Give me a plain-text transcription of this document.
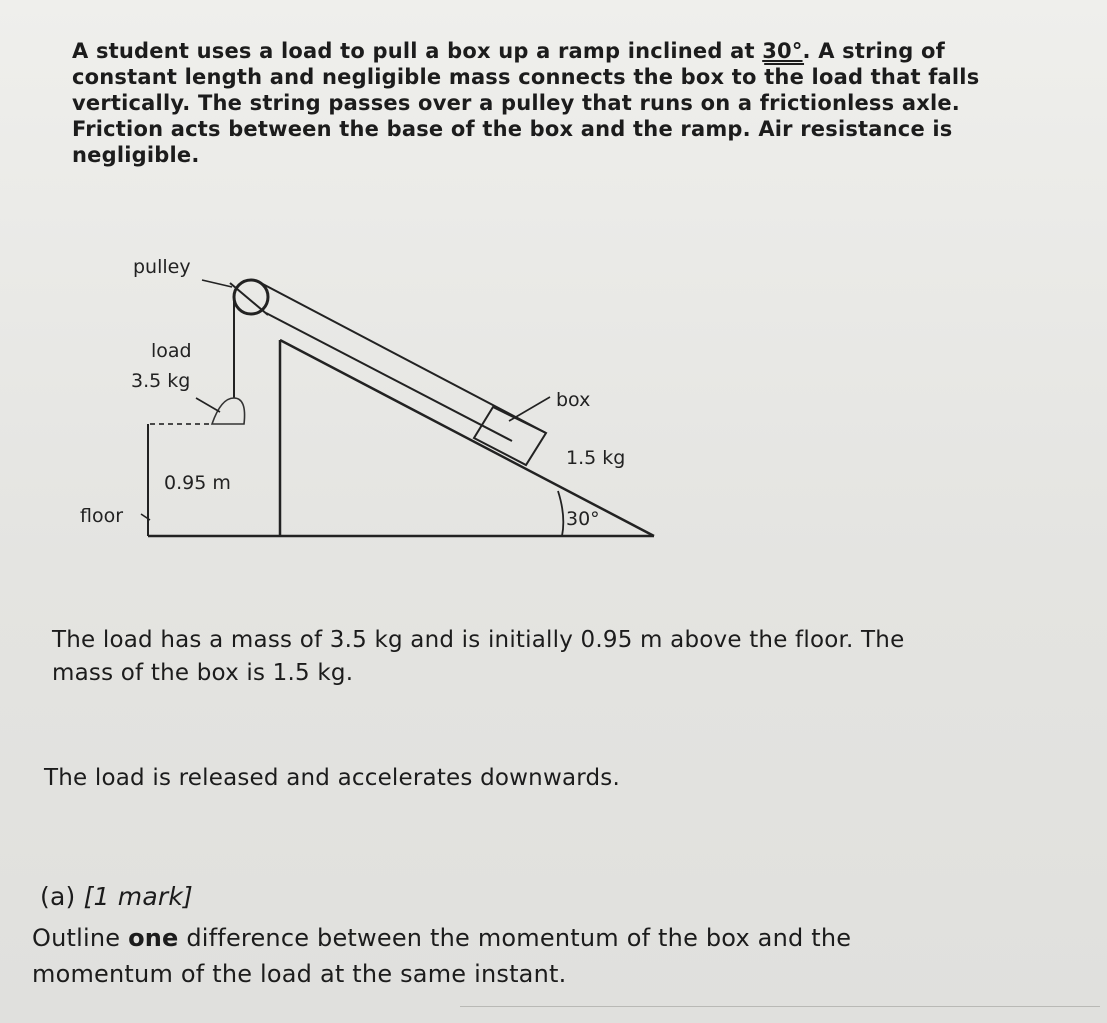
A student uses a load to pull a box up a ramp inclined at 30°. A string of
constant length and negligible mass connects the box to $\overline{the}$ load that falls
vertically. The string passes over a pulley that runs on a frictionless axle.
Friction acts between the base of the box and the ramp. Air resistance is
negligible.

pulley
load
3.5 kg
box
1.5 kg
0.95 m
floor	30°

The load has a mass of 3.5 kg and is initially 0.95 m above the floor. The
mass of the box is 1.5 kg.

The load is released and accelerates downwards.

(a) [1 mark]

Outline one difference between the momentum of the box and the
momentum of the load at the same instant.
